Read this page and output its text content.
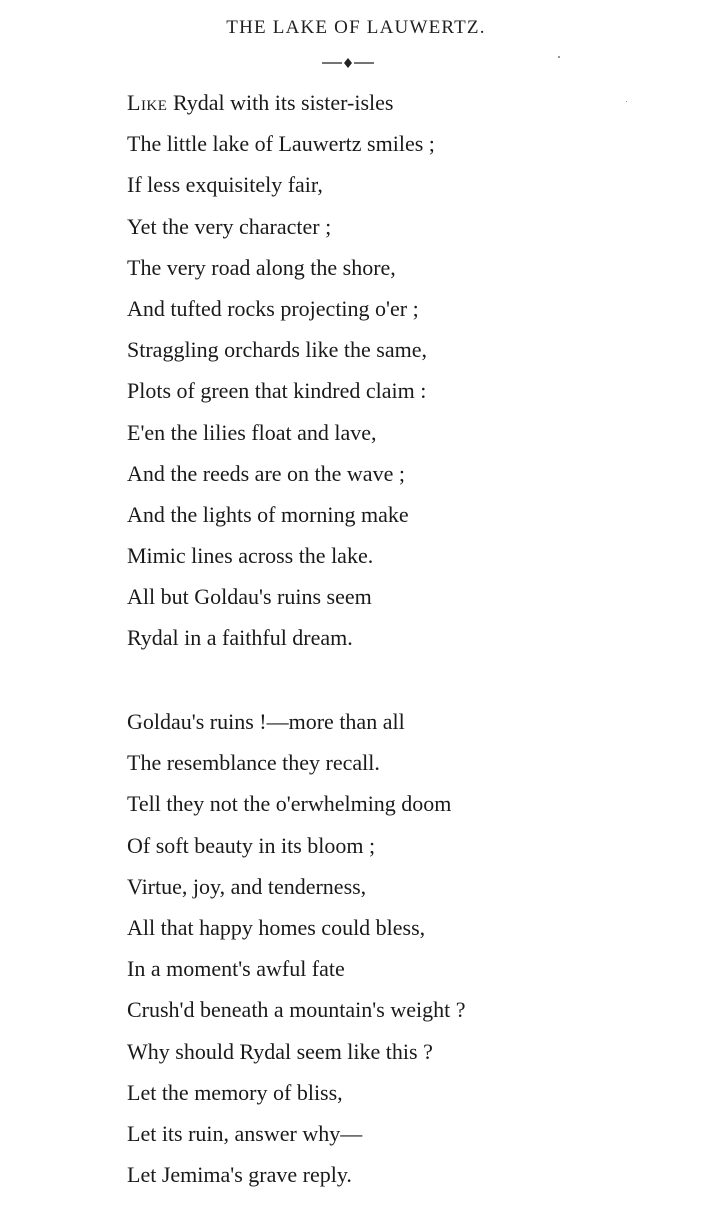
THE LAKE OF LAUWERTZ.
Like Rydal with its sister-isles
The little lake of Lauwertz smiles ;
If less exquisitely fair,
Yet the very character ;
The very road along the shore,
And tufted rocks projecting o'er ;
Straggling orchards like the same,
Plots of green that kindred claim :
E'en the lilies float and lave,
And the reeds are on the wave ;
And the lights of morning make
Mimic lines across the lake.
All but Goldau's ruins seem
Rydal in a faithful dream.
Goldau's ruins !—more than all
The resemblance they recall.
Tell they not the o'erwhelming doom
Of soft beauty in its bloom ;
Virtue, joy, and tenderness,
All that happy homes could bless,
In a moment's awful fate
Crush'd beneath a mountain's weight ?
Why should Rydal seem like this ?
Let the memory of bliss,
Let its ruin, answer why—
Let Jemima's grave reply.
